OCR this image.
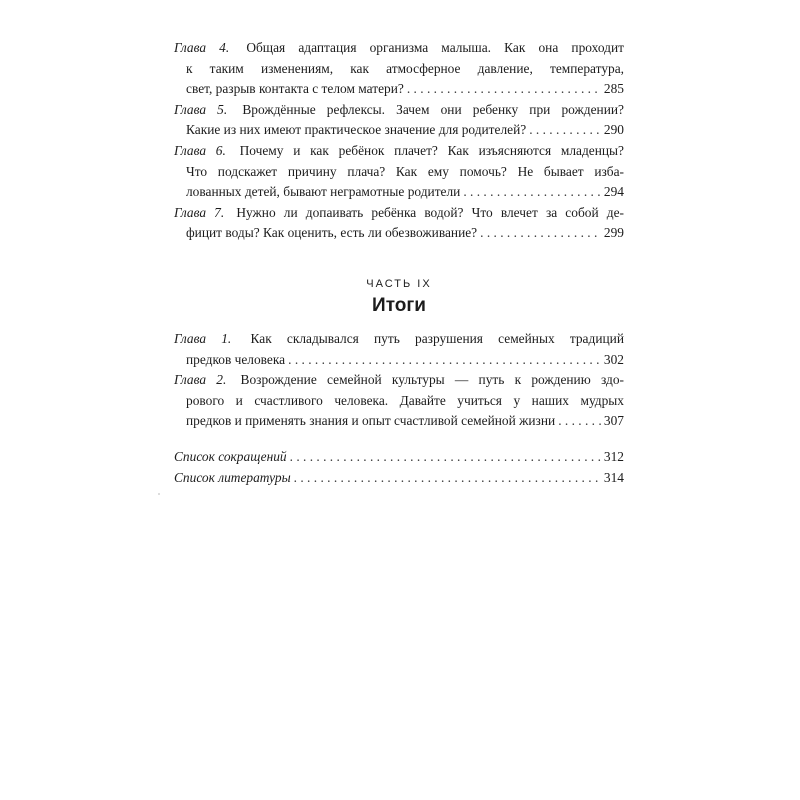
Глава 4. Общая адаптация организма малыша. Как она проходит
к таким изменениям, как атмосферное давление, температура,
свет, разрыв контакта с телом матери? . . .	285
Глава 5. Врождённые рефлексы. Зачем они ребенку при рождении?
Какие из них имеют практическое значение для родителей? . . .	290
Глава 6. Почему и как ребёнок плачет? Как изъясняются младенцы?
Что подскажет причину плача? Как ему помочь? Не бывает изба-
лованных детей, бывают неграмотные родители . . .	294
Глава 7. Нужно ли допаивать ребёнка водой? Что влечет за собой де-
фицит воды? Как оценить, есть ли обезвоживание? . . .	299
ЧАСТЬ IX
Итоги
Глава 1. Как складывался путь разрушения семейных традиций
предков человека . . .	302
Глава 2. Возрождение семейной культуры — путь к рождению здо-
рового и счастливого человека. Давайте учиться у наших мудрых
предков и применять знания и опыт счастливой семейной жизни . . .	307
Список сокращений . . .	312
Список литературы . . .	314
